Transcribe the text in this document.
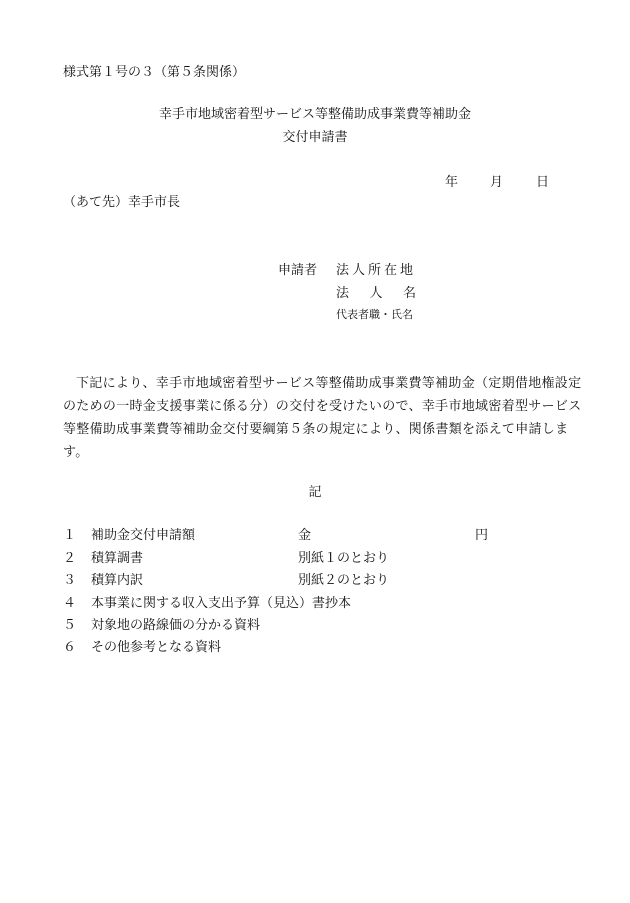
様式第１号の３（第５条関係）
幸手市地域密着型サービス等整備助成事業費等補助金
交付申請書
年 月	日
（あて先）幸手市長
申請者 法人所在地
法 人 名
代表者職・氏名
下記により、幸手市地域密着型サービス等整備助成事業費等補助金（定期借地権設定のための一時金支援事業に係る分）の交付を受けたいので、幸手市地域密着型サービス等整備助成事業費等補助金交付要綱第５条の規定により、関係書類を添えて申請します。
記
１ 補助金交付申請額
２ 積算調書
３ 積算内訳
４ 本事業に関する収入支出予算（見込）書抄本
５ 対象地の路線価の分かる資料
６ その他参考となる資料
金	円
別紙１のとおり
別紙２のとおり
